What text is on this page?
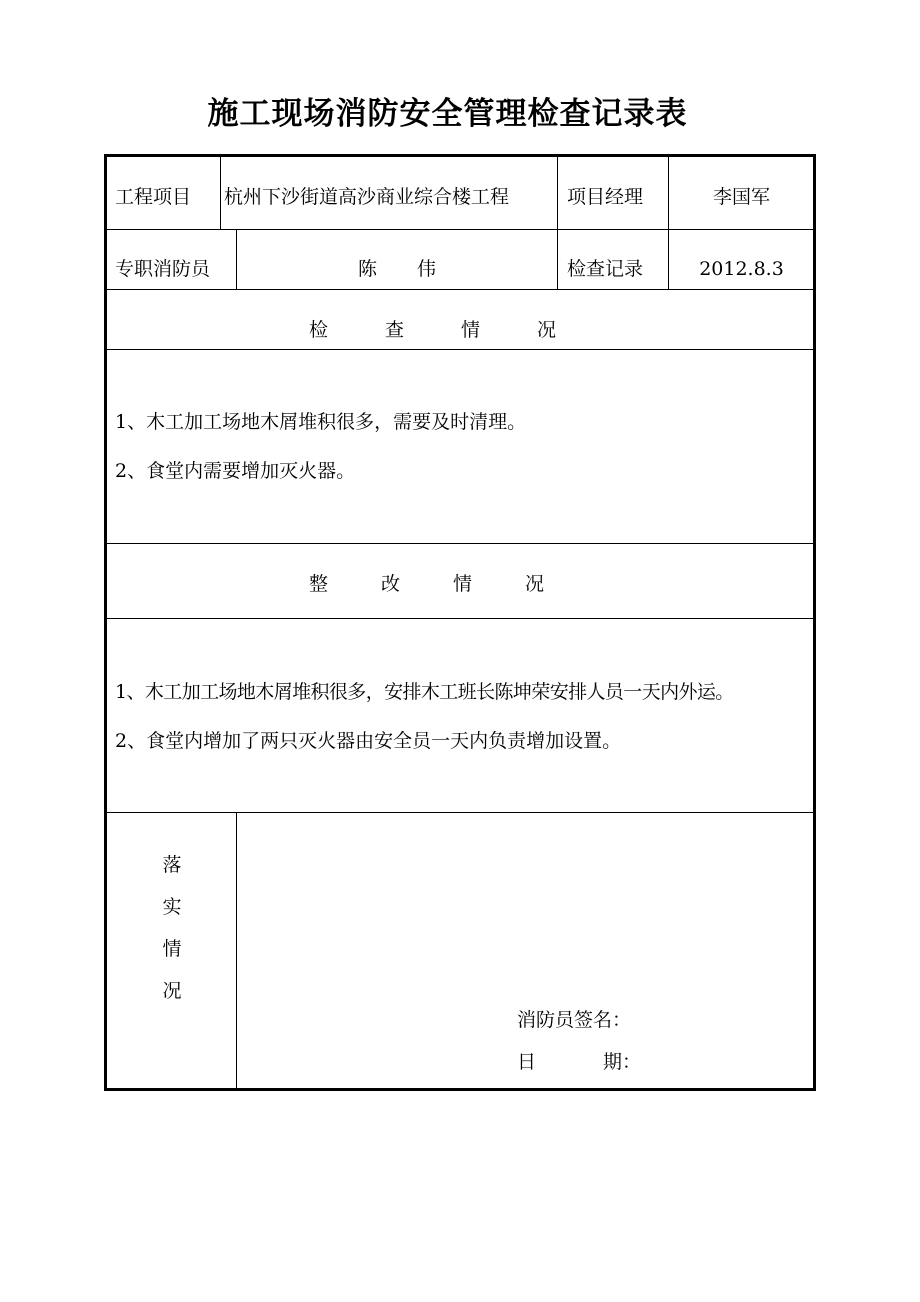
施工现场消防安全管理检查记录表
工程项目 杭州下沙街道高沙商业综合楼工程	项目经理	李国军
专职消防员	陈  伟	检查记录	2012.8.3
检	查	情	况
1、木工加工场地木屑堆积很多，需要及时清理。
2、食堂内需要增加灭火器。
整	改	情	况
1、木工加工场地木屑堆积很多，安排木工班长陈坤荣安排人员一天内外运。
2、食堂内增加了两只灭火器由安全员一天内负责增加设置。
落
实
情
况
消防员签名：
日	期：
